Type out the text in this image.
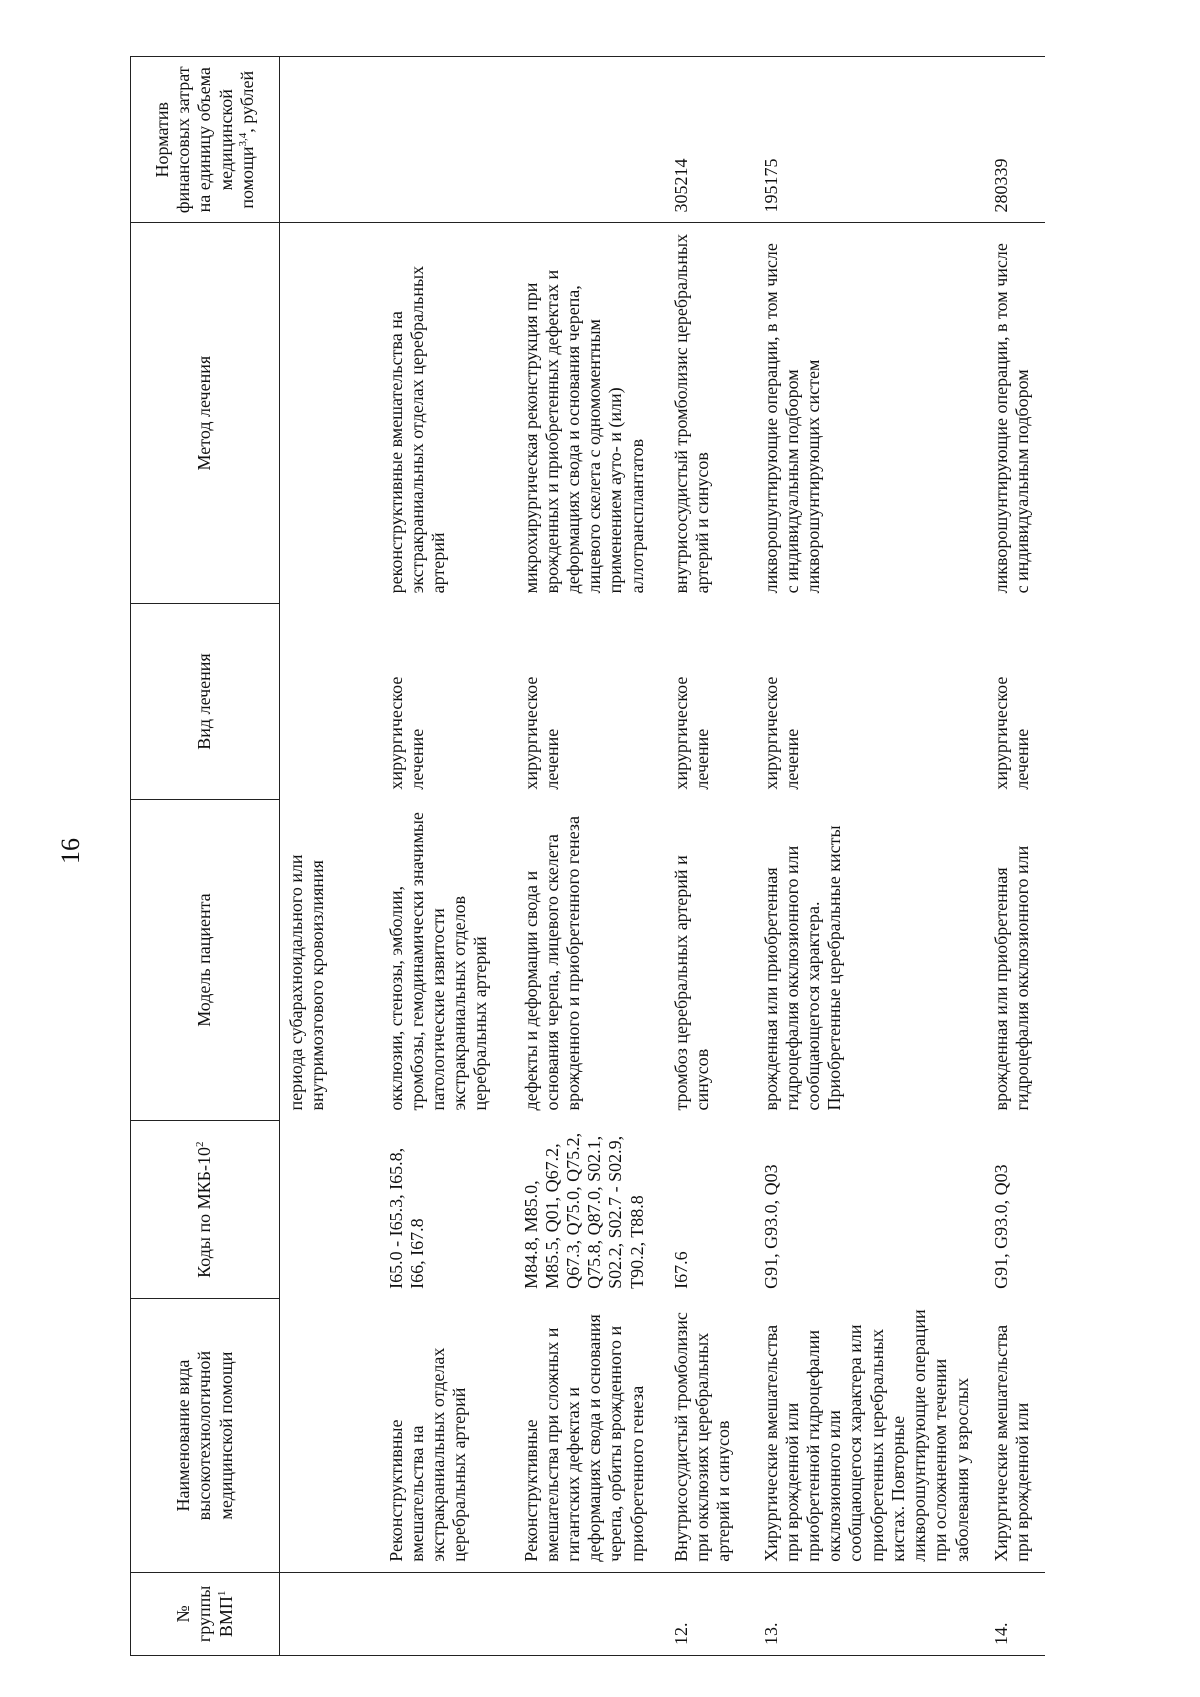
16
№ группы ВМП$^1$	Наименование вида высокотехнологичной медицинской помощи	Коды по МКБ-$10^2$	Модель пациента	Вид лечения	Метод лечения	Норматив финансовых затрат на единицу объема медицинской помощи$^{3,4}$, рублей
			периода субарахноидального или внутримозгового кровоизлияния			
	Реконструктивные вмешательства на экстракраниальных отделах церебральных артерий	I65.0 - I65.3, I65.8, I66, I67.8	окклюзии, стенозы, эмболии, тромбозы, гемодинамически значимые патологические извитости экстракраниальных отделов церебральных артерий	хирургическое лечение	реконструктивные вмешательства на экстракраниальных отделах церебральных артерий	
	Реконструктивные вмешательства при сложных и гигантских дефектах и деформациях свода и основания черепа, орбиты врожденного и приобретенного генеза	M84.8, M85.0, M85.5, Q01, Q67.2, Q67.3, Q75.0, Q75.2, Q75.8, Q87.0, S02.1, S02.2, S02.7 - S02.9, T90.2, T88.8	дефекты и деформации свода и основания черепа, лицевого скелета врожденного и приобретенного генеза	хирургическое лечение	микрохирургическая реконструкция при врожденных и приобретенных дефектах и деформациях свода и основания черепа, лицевого скелета с одномоментным применением ауто- и (или) аллотрансплантатов	
12.	Внутрисосудистый тромболизис при окклюзиях церебральных артерий и синусов	I67.6	тромбоз церебральных артерий и синусов	хирургическое лечение	внутрисосудистый тромболизис церебральных артерий и синусов	305214
13.	Хирургические вмешательства при врожденной или приобретенной гидроцефалии окклюзионного или сообщающегося характера или приобретенных церебральных кистах. Повторные ликворошунтирующие операции при осложненном течении заболевания у взрослых	G91, G93.0, Q03	врожденная или приобретенная гидроцефалия окклюзионного или сообщающегося характера. Приобретенные церебральные кисты	хирургическое лечение	ликворошунтирующие операции, в том числе с индивидуальным подбором ликворошунтирующих систем	195175
14.	Хирургические вмешательства при врожденной или	G91, G93.0, Q03	врожденная или приобретенная гидроцефалия окклюзионного или	хирургическое лечение	ликворошунтирующие операции, в том числе с индивидуальным подбором	280339
